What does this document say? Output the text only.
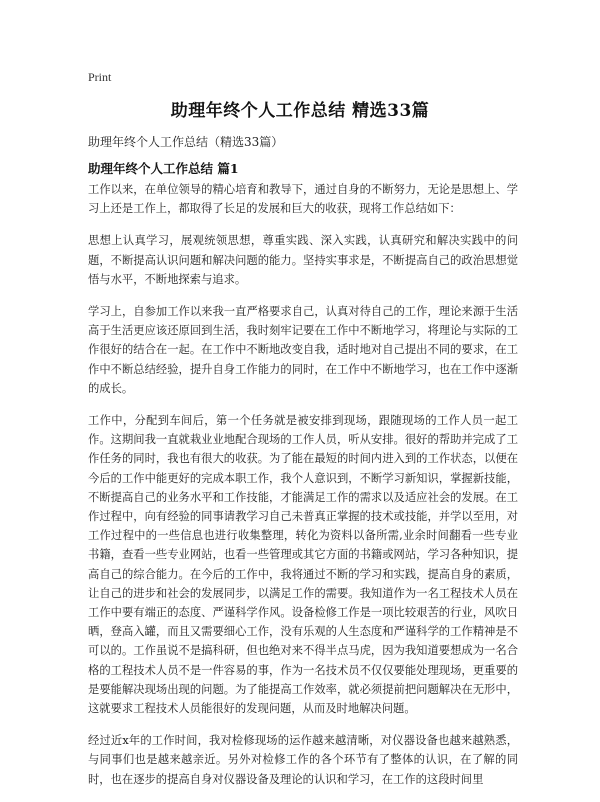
Print
助理年终个人工作总结 精选33篇
助理年终个人工作总结（精选33篇）
助理年终个人工作总结 篇1

工作以来，在单位领导的精心培育和教导下，通过自身的不断努力，无论是思想上、学习上还是工作上，都取得了长足的发展和巨大的收获，现将工作总结如下：

思想上认真学习，展观统领思想，尊重实践、深入实践，认真研究和解决实践中的问题，不断提高认识问题和解决问题的能力。坚持实事求是，不断提高自己的政治思想觉悟与水平，不断地探索与追求。

学习上，自参加工作以来我一直严格要求自己，认真对待自己的工作，理论来源于生活高于生活更应该还原回到生活，我时刻牢记要在工作中不断地学习，将理论与实际的工作很好的结合在一起。在工作中不断地改变自我，适时地对自己提出不同的要求，在工作中不断总结经验，提升自身工作能力的同时，在工作中不断地学习，也在工作中逐渐的成长。

工作中，分配到车间后，第一个任务就是被安排到现场，跟随现场的工作人员一起工作。这期间我一直就栽业业地配合现场的工作人员，听从安排。很好的帮助并完成了工作任务的同时，我也有很大的收获。为了能在最短的时间内进入到的工作状态，以便在今后的工作中能更好的完成本职工作，我个人意识到，不断学习新知识，掌握新技能，不断提高自己的业务水平和工作技能，才能满足工作的需求以及适应社会的发展。在工作过程中，向有经验的同事请教学习自己未普真正掌握的技术或技能，并学以至用，对工作过程中的一些信息也进行收集整理，转化为资料以备所需,业余时间翻看一些专业书籍，查看一些专业网站，也看一些管理或其它方面的书籍或网站，学习各种知识，提高自己的综合能力。在今后的工作中，我将通过不断的学习和实践，提高自身的素质，让自己的进步和社会的发展同步，以满足工作的需要。我知道作为一名工程技术人员在工作中要有端正的态度、严谨科学作风。设备检修工作是一项比较艰苦的行业，风吹日晒，登高入罐，而且又需要细心工作，没有乐观的人生态度和严谨科学的工作精神是不可以的。工作虽说不是搞科研，但也绝对来不得半点马虎，因为我知道要想成为一名合格的工程技术人员不是一件容易的事，作为一名技术员不仅仅要能处理现场，更重要的是要能解决现场出现的问题。为了能提高工作效率，就必须提前把问题解决在无形中，这就要求工程技术人员能很好的发现问题，从而及时地解决问题。

经过近x年的工作时间，我对检修现场的运作越来越清晰，对仪器设备也越来越熟悉，与同事们也是越来越亲近。另外对检修工作的各个环节有了整体的认识，在了解的同时，也在逐步的提高自身对仪器设备及理论的认识和学习，在工作的这段时间里
